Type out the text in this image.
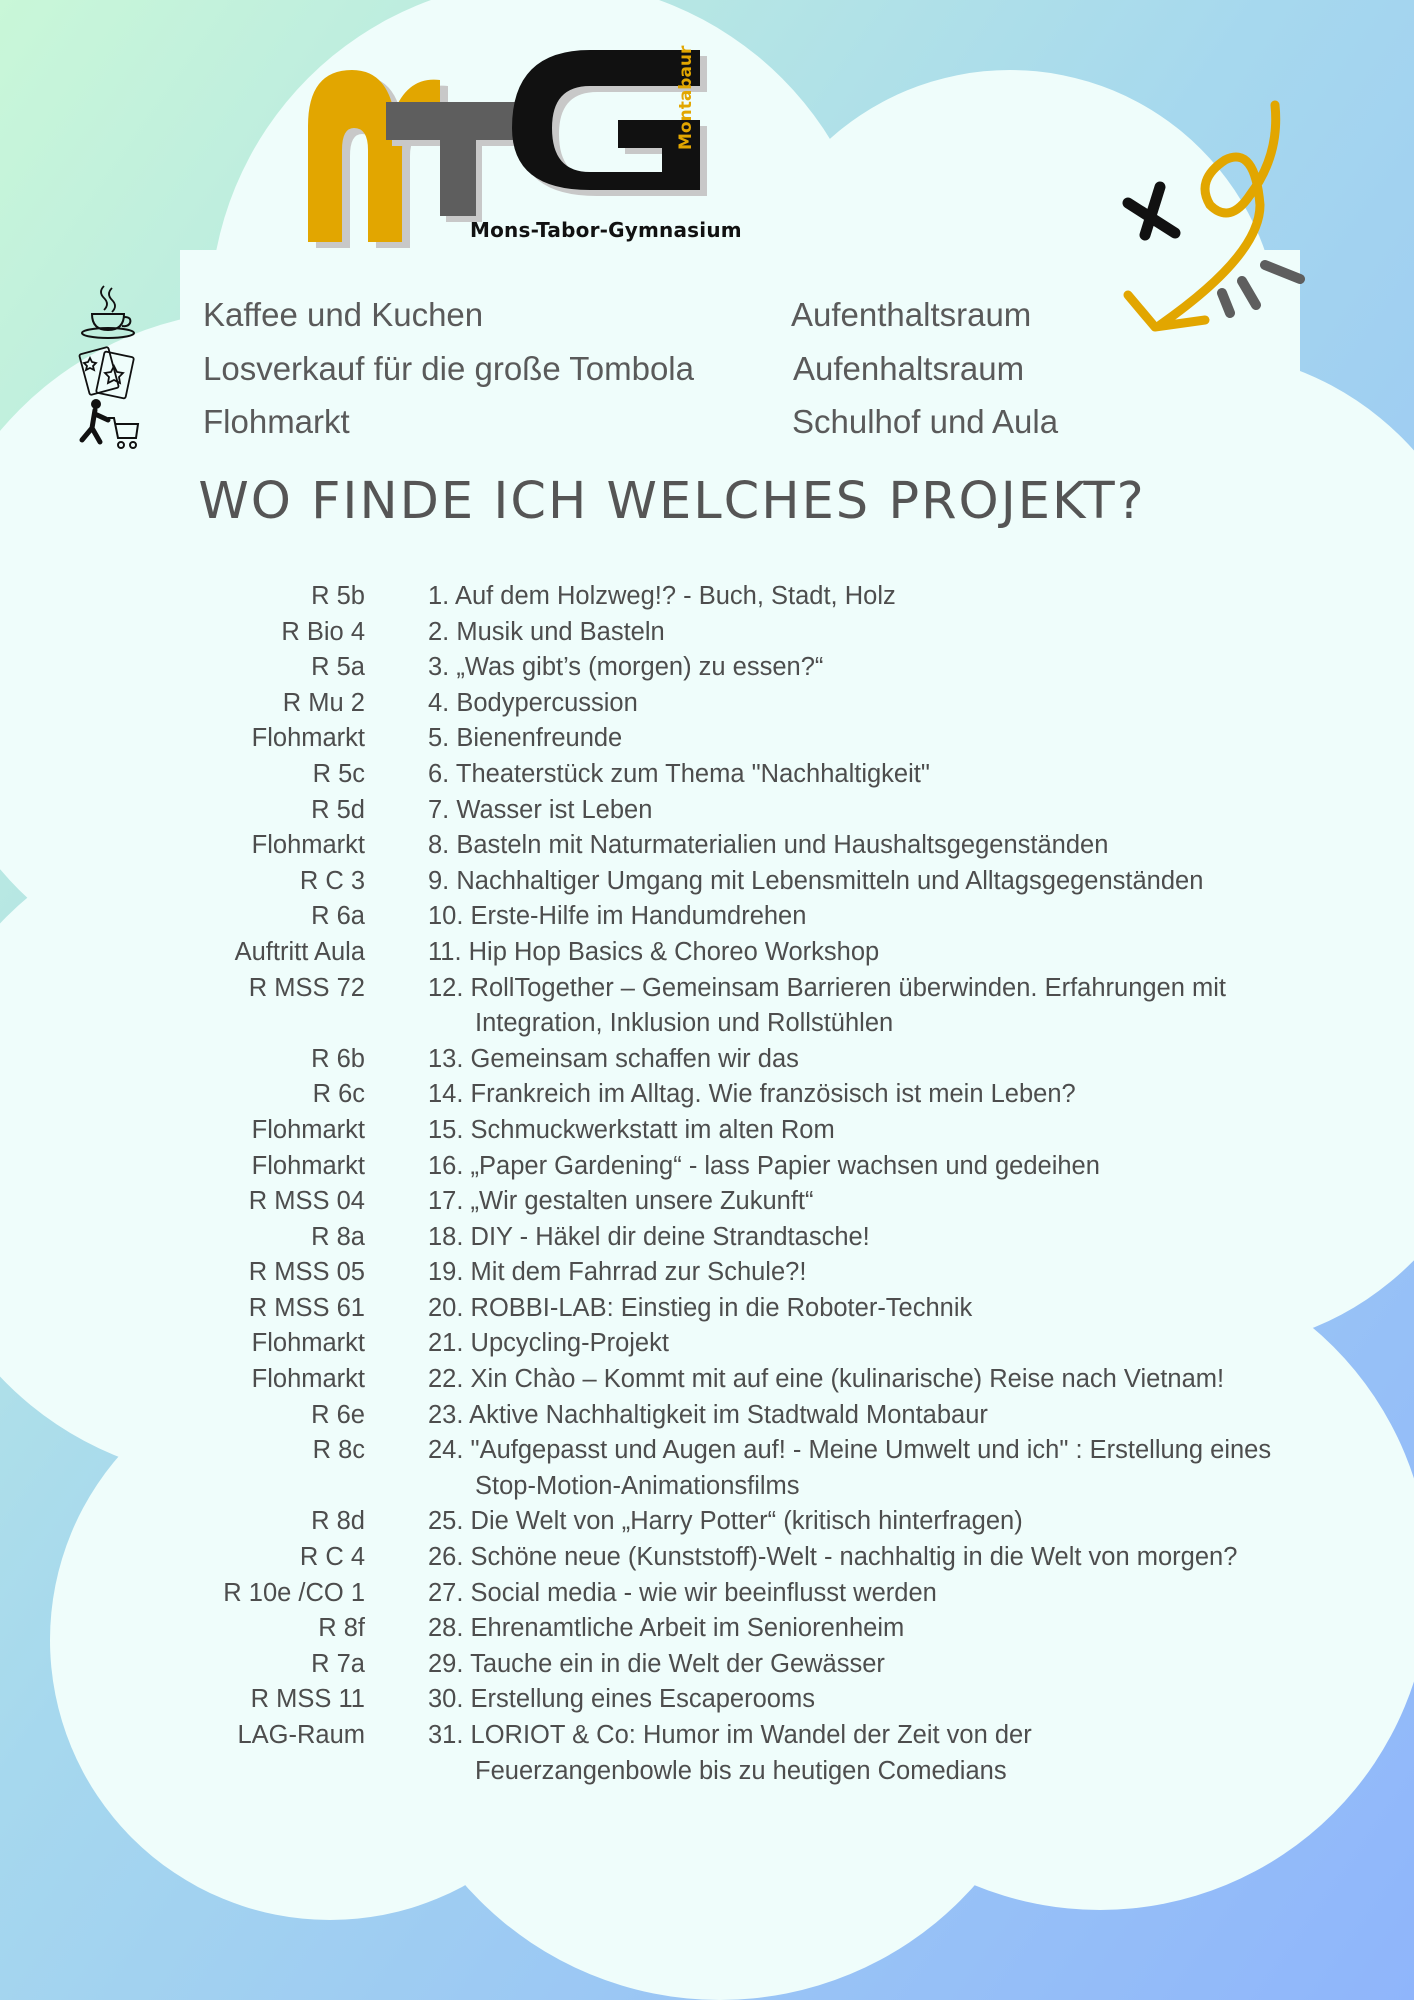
Mons-Tabor-Gymnasium
Montabaur
Kaffee und Kuchen	Aufenthaltsraum
Losverkauf für die große Tombola	Aufenhaltsraum
Flohmarkt	Schulhof und Aula
WO FINDE ICH WELCHES PROJEKT?
R 5b 1. Auf dem Holzweg!? - Buch, Stadt, Holz
R Bio 4 2. Musik und Basteln
R 5a 3. „Was gibt’s (morgen) zu essen?“
R Mu 2 4. Bodypercussion
Flohmarkt 5. Bienenfreunde
R 5c 6. Theaterstück zum Thema "Nachhaltigkeit"
R 5d 7. Wasser ist Leben
Flohmarkt 8. Basteln mit Naturmaterialien und Haushaltsgegenständen
R C 3 9. Nachhaltiger Umgang mit Lebensmitteln und Alltagsgegenständen
R 6a 10. Erste-Hilfe im Handumdrehen
Auftritt Aula 11. Hip Hop Basics & Choreo Workshop
R MSS 72 12. RollTogether – Gemeinsam Barrieren überwinden. Erfahrungen mit
Integration, Inklusion und Rollstühlen
R 6b 13. Gemeinsam schaffen wir das
R 6c 14. Frankreich im Alltag. Wie französisch ist mein Leben?
Flohmarkt 15. Schmuckwerkstatt im alten Rom
Flohmarkt 16. „Paper Gardening“ - lass Papier wachsen und gedeihen
R MSS 04 17. „Wir gestalten unsere Zukunft“
R 8a 18. DIY - Häkel dir deine Strandtasche!
R MSS 05 19. Mit dem Fahrrad zur Schule?!
R MSS 61 20. ROBBI-LAB: Einstieg in die Roboter-Technik
Flohmarkt 21. Upcycling-Projekt
Flohmarkt 22. Xin Chào – Kommt mit auf eine (kulinarische) Reise nach Vietnam!
R 6e 23. Aktive Nachhaltigkeit im Stadtwald Montabaur
R 8c 24. "Aufgepasst und Augen auf! - Meine Umwelt und ich" : Erstellung eines
Stop-Motion-Animationsfilms
R 8d 25. Die Welt von „Harry Potter“ (kritisch hinterfragen)
R C 4 26. Schöne neue (Kunststoff)-Welt - nachhaltig in die Welt von morgen?
R 10e /CO 1 27. Social media - wie wir beeinflusst werden
R 8f 28. Ehrenamtliche Arbeit im Seniorenheim
R 7a 29. Tauche ein in die Welt der Gewässer
R MSS 11 30. Erstellung eines Escaperooms
LAG-Raum 31. LORIOT & Co: Humor im Wandel der Zeit von der
Feuerzangenbowle bis zu heutigen Comedians
